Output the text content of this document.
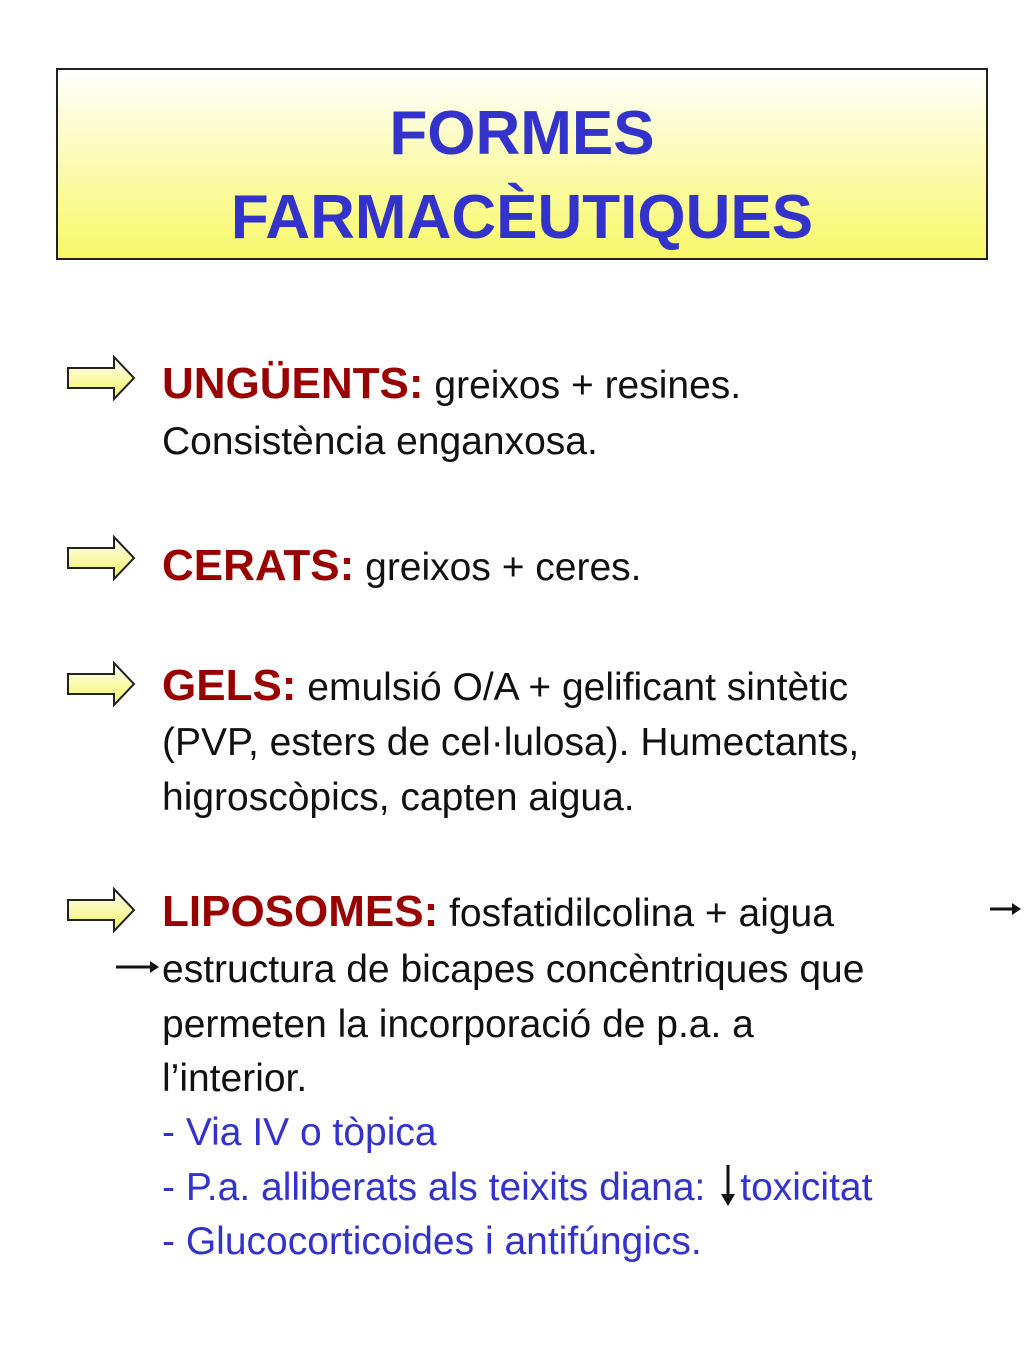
FORMES
FARMACÈUTIQUES
UNGÜENTS: greixos + resines.
Consistència enganxosa.
CERATS: greixos + ceres.
GELS: emulsió O/A + gelificant sintètic
(PVP, esters de cel·lulosa). Humectants,
higroscòpics, capten aigua.
LIPOSOMES: fosfatidilcolina + aigua
estructura de bicapes concèntriques que
permeten la incorporació de p.a. a
l’interior.
- Via IV o tòpica
- P.a. alliberats als teixits diana: toxicitat
- Glucocorticoides i antifúngics.
